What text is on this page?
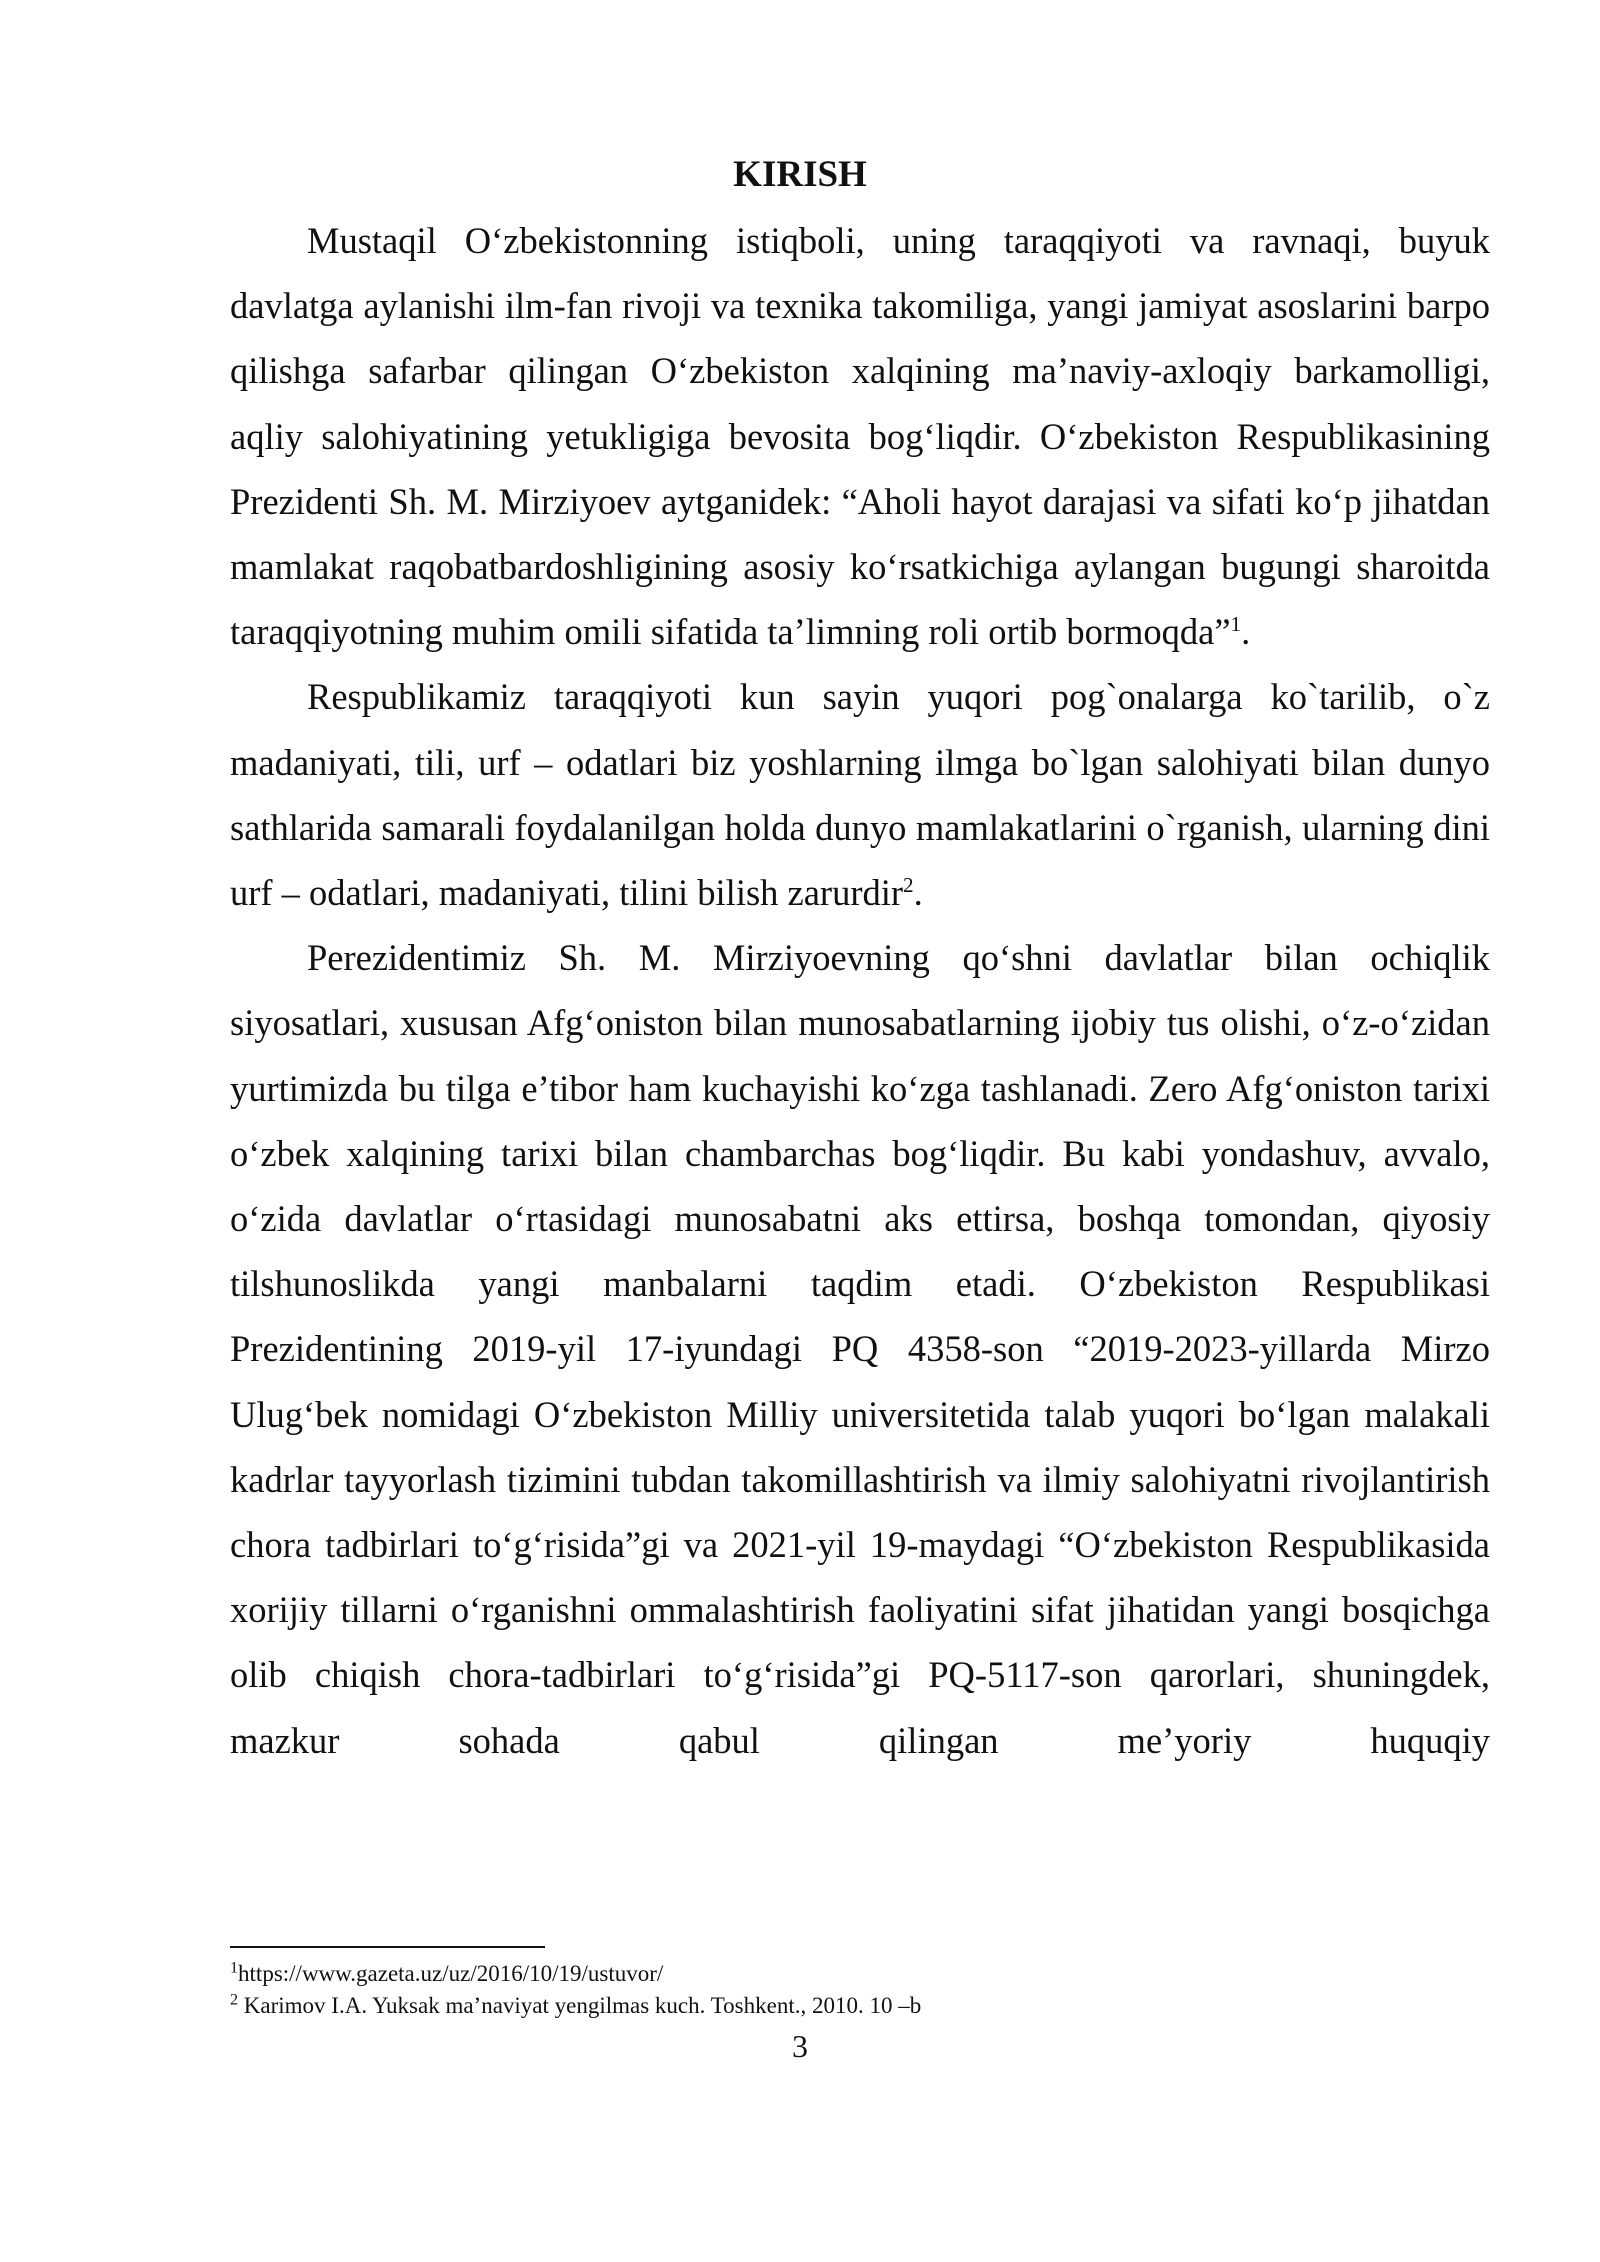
KIRISH

Mustaqil O‘zbekistonning istiqboli, uning taraqqiyoti va ravnaqi, buyuk davlatga aylanishi ilm-fan rivoji va texnika takomiliga, yangi jamiyat asoslarini barpo qilishga safarbar qilingan O‘zbekiston xalqining ma’naviy-axloqiy barkamolligi, aqliy salohiyatining yetukligiga bevosita bog‘liqdir. O‘zbekiston Respublikasining Prezidenti Sh. M. Mirziyoev aytganidek: “Aholi hayot darajasi va sifati ko‘p jihatdan mamlakat raqobatbardoshligining asosiy ko‘rsatkichiga aylangan bugungi sharoitda taraqqiyotning muhim omili sifatida ta’limning roli ortib bormoqda”$^1$.

Respublikamiz taraqqiyoti kun sayin yuqori pog`onalarga ko`tarilib, o`z madaniyati, tili, urf – odatlari biz yoshlarning ilmga bo`lgan salohiyati bilan dunyo sathlarida samarali foydalanilgan holda dunyo mamlakatlarini o`rganish, ularning dini urf – odatlari, madaniyati, tilini bilish zarurdir$^2$.

Perezidentimiz Sh. M. Mirziyoevning qo‘shni davlatlar bilan ochiqlik siyosatlari, xususan Afg‘oniston bilan munosabatlarning ijobiy tus olishi, o‘z-o‘zidan yurtimizda bu tilga e’tibor ham kuchayishi ko‘zga tashlanadi. Zero Afg‘oniston tarixi o‘zbek xalqining tarixi bilan chambarchas bog‘liqdir. Bu kabi yondashuv, avvalo, o‘zida davlatlar o‘rtasidagi munosabatni aks ettirsa, boshqa tomondan, qiyosiy tilshunoslikda yangi manbalarni taqdim etadi. O‘zbekiston Respublikasi Prezidentining 2019-yil 17-iyundagi PQ 4358-son “2019-2023-yillarda Mirzo Ulug‘bek nomidagi O‘zbekiston Milliy universitetida talab yuqori bo‘lgan malakali kadrlar tayyorlash tizimini tubdan takomillashtirish va ilmiy salohiyatni rivojlantirish chora tadbirlari to‘g‘risida”gi va 2021-yil 19-maydagi “O‘zbekiston Respublikasida xorijiy tillarni o‘rganishni ommalashtirish faoliyatini sifat jihatidan yangi bosqichga olib chiqish chora-tadbirlari to‘g‘risida”gi PQ-5117-son qarorlari, shuningdek, mazkur sohada qabul qilingan me’yoriy huquqiy

$^1$https://www.gazeta.uz/uz/2016/10/19/ustuvor/

$^2$ Karimov I.A. Yuksak ma’naviyat yengilmas kuch. Toshkent., 2010. 10 –b

3
